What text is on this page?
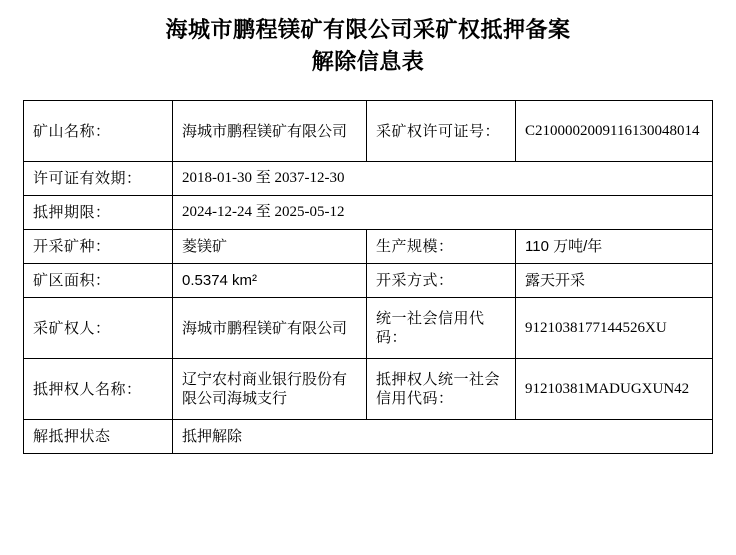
海城市鹏程镁矿有限公司采矿权抵押备案
解除信息表
矿山名称：	海城市鹏程镁矿有限公司	采矿权许可证号：	C2100002009116130048014

许可证有效期：	2018-01-30 至 2037-12-30		

抵押期限：	2024-12-24 至 2025-05-12		

开采矿种：	菱镁矿	生产规模：	110 万吨/年

矿区面积：	0.5374 km²	开采方式：	露天开采

采矿权人：	海城市鹏程镁矿有限公司	统一社会信用代码：	9121038177144526XU

抵押权人名称：	辽宁农村商业银行股份有限公司海城支行	抵押权人统一社会信用代码：	91210381MADUGXUN42

解抵押状态	抵押解除		
